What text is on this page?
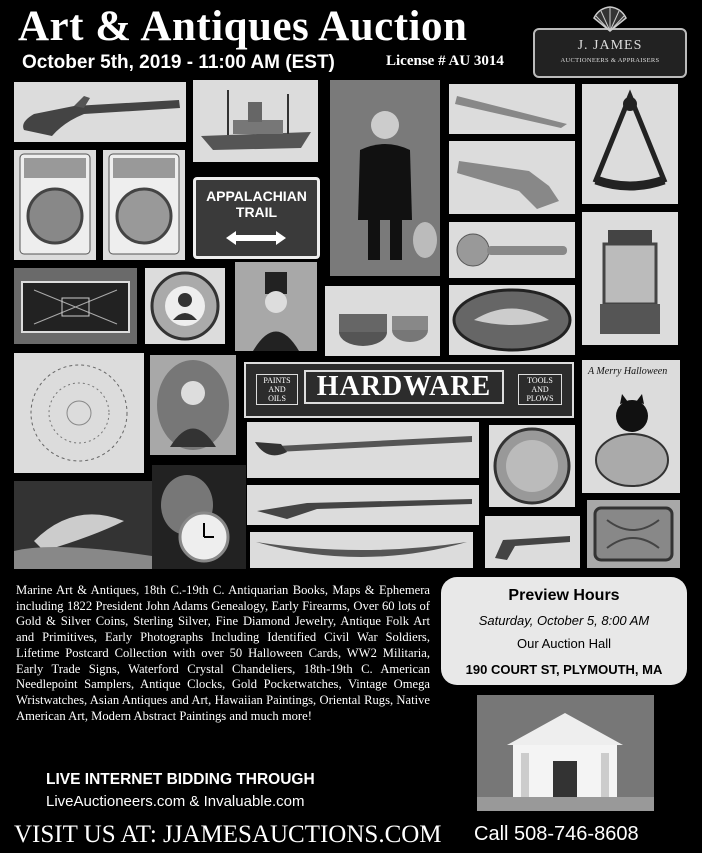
Art & Antiques Auction
October 5th, 2019 - 11:00 AM (EST)	License # AU 3014
J. JAMES
AUCTIONEERS & APPRAISERS
APPALACHIAN
TRAIL
PAINTS AND OILS	HARDWARE	TOOLS AND PLOWS
A Merry Halloween
Marine Art & Antiques, 18th C.-19th C. Antiquarian Books, Maps & Ephemera including 1822 President John Adams Genealogy, Early Firearms, Over 60 lots of Gold & Silver Coins, Sterling Silver, Fine Diamond Jewelry, Antique Folk Art and Primitives, Early Photographs Including Identified Civil War Soldiers, Lifetime Postcard Collection with over 50 Halloween Cards, WW2 Militaria, Early Trade Signs, Waterford Crystal Chandeliers, 18th-19th C. American Needlepoint Samplers, Antique Clocks, Gold Pocketwatches, Vintage Omega Wristwatches, Asian Antiques and Art, Hawaiian Paintings, Oriental Rugs, Native American Art, Modern Abstract Paintings and much more!
Preview Hours
Saturday, October 5, 8:00 AM
Our Auction Hall
190 COURT ST, PLYMOUTH, MA
LIVE INTERNET BIDDING THROUGH
LiveAuctioneers.com & Invaluable.com
VISIT US AT: JJAMESAUCTIONS.COM Call 508-746-8608
